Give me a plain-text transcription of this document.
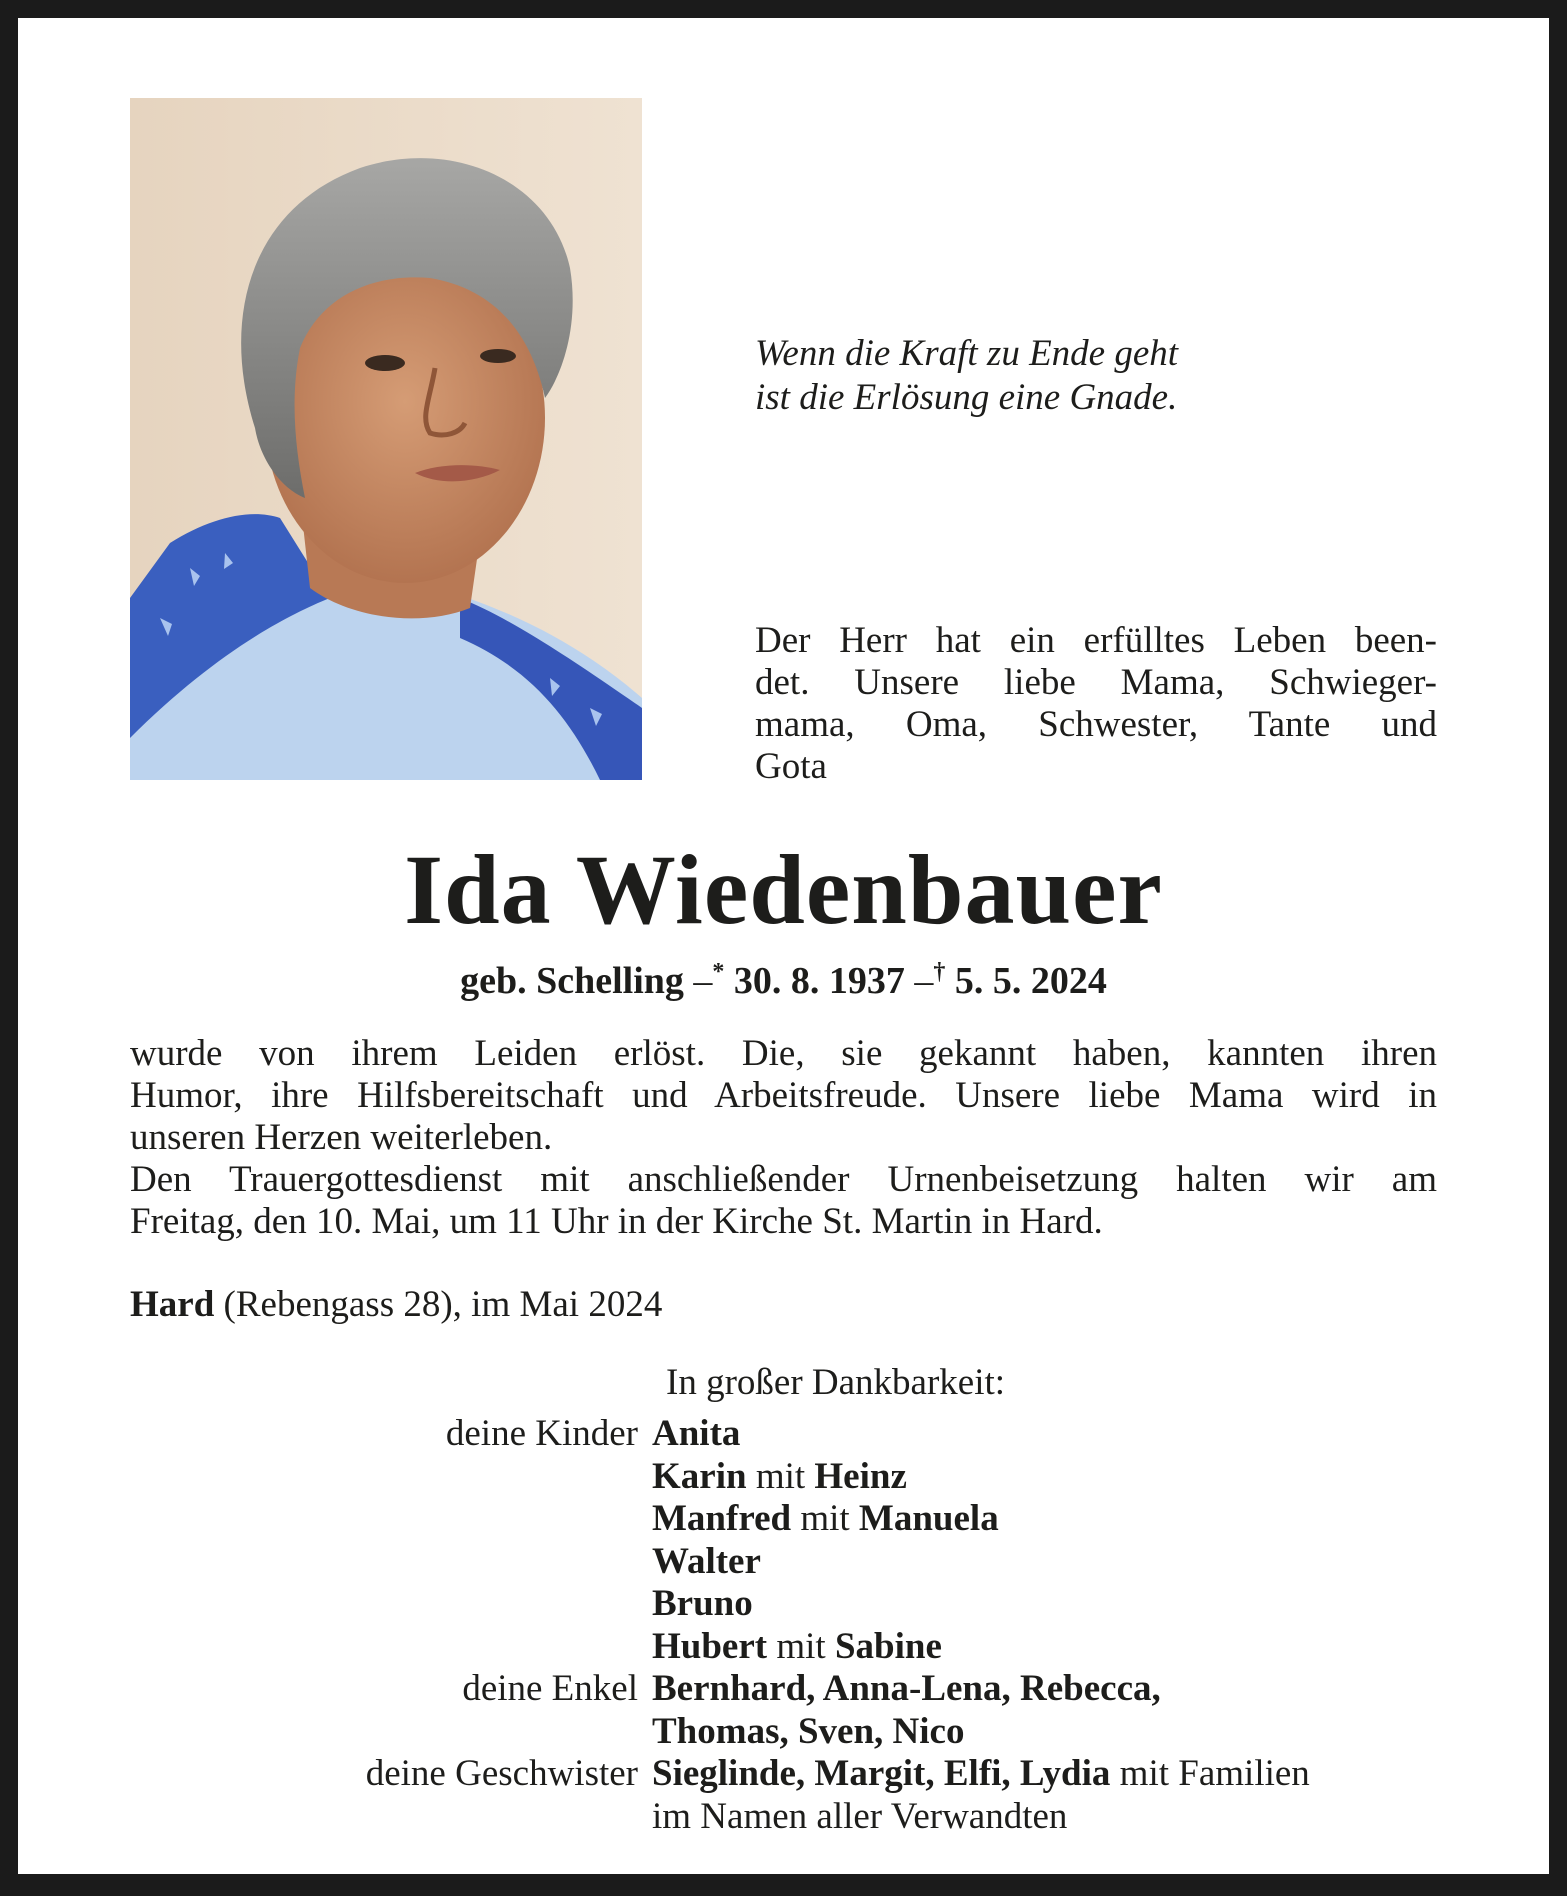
Wenn die Kraft zu Ende geht
ist die Erlösung eine Gnade.
Der Herr hat ein erfülltes Leben been-
det. Unsere liebe Mama, Schwieger-
mama, Oma, Schwester, Tante und
Gota
Ida Wiedenbauer
geb. Schelling –* 30. 8. 1937 –† 5. 5. 2024
wurde von ihrem Leiden erlöst. Die, sie gekannt haben, kannten ihren
Humor, ihre Hilfsbereitschaft und Arbeitsfreude. Unsere liebe Mama wird in
unseren Herzen weiterleben.
Den Trauergottesdienst mit anschließender Urnenbeisetzung halten wir am
Freitag, den 10. Mai, um 11 Uhr in der Kirche St. Martin in Hard.
Hard (Rebengass 28), im Mai 2024
In großer Dankbarkeit:
deine Kinder Anita
Karin mit Heinz
Manfred mit Manuela
Walter
Bruno
Hubert mit Sabine
deine Enkel Bernhard, Anna-Lena, Rebecca,
Thomas, Sven, Nico
deine Geschwister Sieglinde, Margit, Elfi, Lydia mit Familien
im Namen aller Verwandten
